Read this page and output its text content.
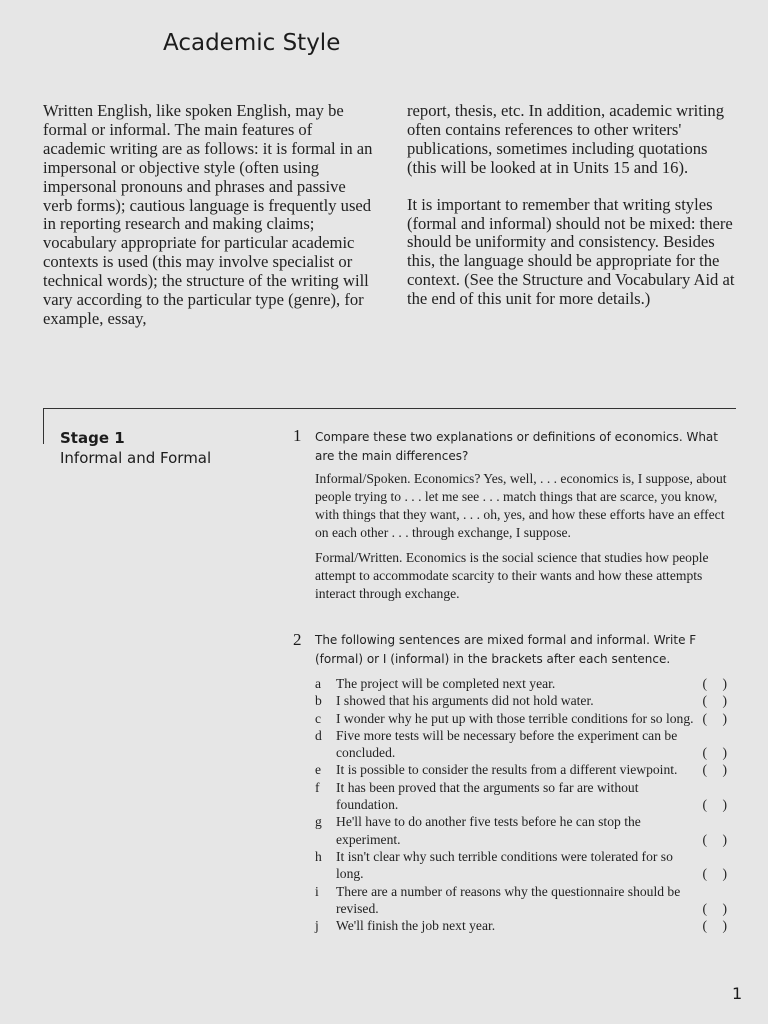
Academic Style

Written English, like spoken English, may be formal or informal. The main features of academic writing are as follows: it is formal in an impersonal or objective style (often using impersonal pronouns and phrases and passive verb forms); cautious language is frequently used in reporting research and making claims; vocabulary appropriate for particular academic contexts is used (this may involve specialist or technical words); the structure of the writing will vary according to the particular type (genre), for example, essay,

report, thesis, etc. In addition, academic writing often contains references to other writers' publications, sometimes including quotations (this will be looked at in Units 15 and 16).

It is important to remember that writing styles (formal and informal) should not be mixed: there should be uniformity and consistency. Besides this, the language should be appropriate for the context. (See the Structure and Vocabulary Aid at the end of this unit for more details.)

Stage 1
Informal and Formal
1 Compare these two explanations or definitions of economics. What are the main differences?

Informal/Spoken. Economics? Yes, well, . . . economics is, I suppose, about people trying to . . . let me see . . . match things that are scarce, you know, with things that they want, . . . oh, yes, and how these efforts have an effect on each other . . . through exchange, I suppose.

Formal/Written. Economics is the social science that studies how people attempt to accommodate scarcity to their wants and how these attempts interact through exchange.

2 The following sentences are mixed formal and informal. Write F (formal) or I (informal) in the brackets after each sentence.
a The project will be completed next year.	( )
b I showed that his arguments did not hold water.	( )
c I wonder why he put up with those terrible conditions for so long. ( )
d Five more tests will be necessary before the experiment can be concluded.	( )
e It is possible to consider the results from a different viewpoint. ( )
f It has been proved that the arguments so far are without foundation.	( )
g He'll have to do another five tests before he can stop the experiment.	( )
h It isn't clear why such terrible conditions were tolerated for so long.	( )
i There are a number of reasons why the questionnaire should be revised.	( )
j We'll finish the job next year.	( )
1
